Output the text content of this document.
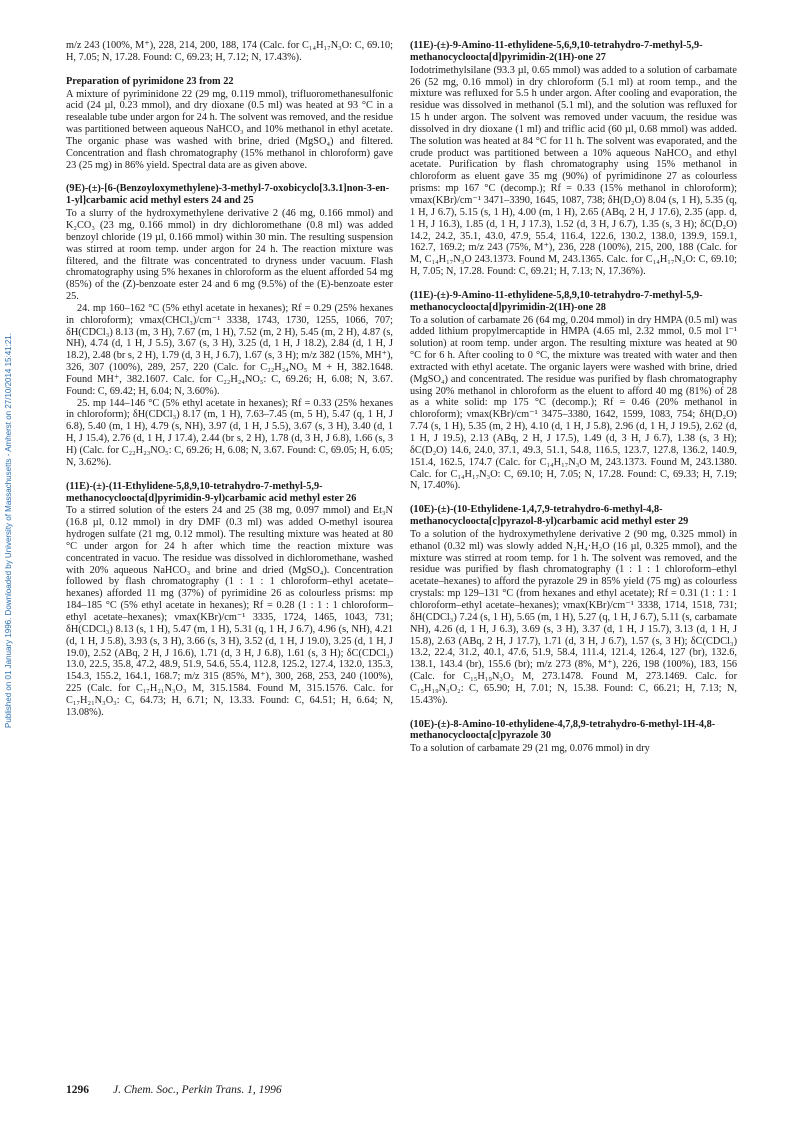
Published on 01 January 1996. Downloaded by University of Massachusetts - Amherst on 27/10/2014 15:41:21.

m/z 243 (100%, M⁺), 228, 214, 200, 188, 174 (Calc. for C₁₄H₁₇N₃O: C, 69.10; H, 7.05; N, 17.28. Found: C, 69.23; H, 7.12; N, 17.43%).

Preparation of pyrimidone 23 from 22

A mixture of pyriminidone 22 (29 mg, 0.119 mmol), trifluoromethanesulfonic acid (24 µl, 0.23 mmol), and dry dioxane (0.5 ml) was heated at 93 °C in a resealable tube under argon for 24 h. The solvent was removed, and the residue was partitioned between aqueous NaHCO₃ and 10% methanol in ethyl acetate. The organic phase was washed with brine, dried (MgSO₄) and filtered. Concentration and flash chromatography (15% methanol in chloroform) gave 23 (25 mg) in 86% yield. Spectral data are as given above.

(9E)-(±)-[6-(Benzoyloxymethylene)-3-methyl-7-oxobicyclo[3.3.1]non-3-en-1-yl]carbamic acid methyl esters 24 and 25

To a slurry of the hydroxymethylene derivative 2 (46 mg, 0.166 mmol) and K₂CO₃ (23 mg, 0.166 mmol) in dry dichloromethane (0.8 ml) was added benzoyl chloride (19 µl, 0.166 mmol) within 30 min. The resulting suspension was stirred at room temp. under argon for 24 h. The reaction mixture was filtered, and the filtrate was concentrated to dryness under vacuum. Flash chromatography using 5% hexanes in chloroform as the eluent afforded 54 mg (85%) of the (Z)-benzoate ester 24 and 6 mg (9.5%) of the (E)-benzoate ester 25.

24. mp 160–162 °C (5% ethyl acetate in hexanes); Rf = 0.29 (25% hexanes in chloroform); νmax(CHCl₃)/cm⁻¹ 3338, 1743, 1730, 1255, 1066, 707; δH(CDCl₃) 8.13 (m, 3 H), 7.67 (m, 1 H), 7.52 (m, 2 H), 5.45 (m, 2 H), 4.87 (s, NH), 4.74 (d, 1 H, J 5.5), 3.67 (s, 3 H), 3.25 (d, 1 H, J 18.2), 2.84 (d, 1 H, J 18.2), 2.48 (br s, 2 H), 1.79 (d, 3 H, J 6.7), 1.67 (s, 3 H); m/z 382 (15%, MH⁺), 326, 307 (100%), 289, 257, 220 (Calc. for C₂₂H₂₄NO₅ M + H, 382.1648. Found MH⁺, 382.1607. Calc. for C₂₂H₂₄NO₅: C, 69.26; H, 6.08; N, 3.67. Found: C, 69.42; H, 6.04; N, 3.60%).

25. mp 144–146 °C (5% ethyl acetate in hexanes); Rf = 0.33 (25% hexanes in chloroform); δH(CDCl₃) 8.17 (m, 1 H), 7.63–7.45 (m, 5 H), 5.47 (q, 1 H, J 6.8), 5.40 (m, 1 H), 4.79 (s, NH), 3.97 (d, 1 H, J 5.5), 3.67 (s, 3 H), 3.40 (d, 1 H, J 15.4), 2.76 (d, 1 H, J 17.4), 2.44 (br s, 2 H), 1.78 (d, 3 H, J 6.8), 1.66 (s, 3 H) (Calc. for C₂₂H₂₃NO₅: C, 69.26; H, 6.08; N, 3.67. Found: C, 69.05; H, 6.05; N, 3.62%).

(11E)-(±)-(11-Ethylidene-5,8,9,10-tetrahydro-7-methyl-5,9-methanocycloocta[d]pyrimidin-9-yl)carbamic acid methyl ester 26

To a stirred solution of the esters 24 and 25 (38 mg, 0.097 mmol) and Et₃N (16.8 µl, 0.12 mmol) in dry DMF (0.3 ml) was added O-methyl isourea hydrogen sulfate (21 mg, 0.12 mmol). The resulting mixture was heated at 80 °C under argon for 24 h after which time the reaction mixture was concentrated in vacuo. The residue was dissolved in dichloromethane, washed with 20% aqueous NaHCO₃ and brine and dried (MgSO₄). Concentration followed by flash chromatography (1 : 1 : 1 chloroform–ethyl acetate–hexanes) afforded 11 mg (37%) of pyrimidine 26 as colourless prisms: mp 184–185 °C (5% ethyl acetate in hexanes); Rf = 0.28 (1 : 1 : 1 chloroform–ethyl acetate–hexanes); νmax(KBr)/cm⁻¹ 3335, 1724, 1465, 1043, 731; δH(CDCl₃) 8.13 (s, 1 H), 5.47 (m, 1 H), 5.31 (q, 1 H, J 6.7), 4.96 (s, NH), 4.21 (d, 1 H, J 5.8), 3.93 (s, 3 H), 3.66 (s, 3 H), 3.52 (d, 1 H, J 19.0), 3.25 (d, 1 H, J 19.0), 2.52 (ABq, 2 H, J 16.6), 1.71 (d, 3 H, J 6.8), 1.61 (s, 3 H); δC(CDCl₃) 13.0, 22.5, 35.8, 47.2, 48.9, 51.9, 54.6, 55.4, 112.8, 125.2, 127.4, 132.0, 135.3, 154.3, 155.2, 164.1, 168.7; m/z 315 (85%, M⁺), 300, 268, 253, 240 (100%), 225 (Calc. for C₁₇H₂₁N₃O₃ M, 315.1584. Found M, 315.1576. Calc. for C₁₇H₂₁N₃O₃: C, 64.73; H, 6.71; N, 13.33. Found: C, 64.51; H, 6.64; N, 13.08%).

(11E)-(±)-9-Amino-11-ethylidene-5,6,9,10-tetrahydro-7-methyl-5,9-methanocycloocta[d]pyrimidin-2(1H)-one 27

Iodotrimethylsilane (93.3 µl, 0.65 mmol) was added to a solution of carbamate 26 (52 mg, 0.16 mmol) in dry chloroform (5.1 ml) at room temp., and the mixture was refluxed for 5.5 h under argon. After cooling and evaporation, the residue was dissolved in methanol (5.1 ml), and the solution was refluxed for 15 h under argon. The solvent was removed under vacuum, the residue was dissolved in dry dioxane (1 ml) and triflic acid (60 µl, 0.68 mmol) was added. The solution was heated at 84 °C for 11 h. The solvent was evaporated, and the crude product was partitioned between a 10% aqueous NaHCO₃ and ethyl acetate. Purification by flash chromatography using 15% methanol in chloroform as eluent gave 35 mg (90%) of pyrimidinone 27 as colourless prisms: mp 167 °C (decomp.); Rf = 0.33 (15% methanol in chloroform); νmax(KBr)/cm⁻¹ 3471–3390, 1645, 1087, 738; δH(D₂O) 8.04 (s, 1 H), 5.35 (q, 1 H, J 6.7), 5.15 (s, 1 H), 4.00 (m, 1 H), 2.65 (ABq, 2 H, J 17.6), 2.35 (app. d, 1 H, J 16.3), 1.85 (d, 1 H, J 17.3), 1.52 (d, 3 H, J 6.7), 1.35 (s, 3 H); δC(D₂O) 14.2, 24.2, 35.1, 43.0, 47.9, 55.4, 116.4, 122.6, 130.2, 138.0, 139.9, 159.1, 162.7, 169.2; m/z 243 (75%, M⁺), 236, 228 (100%), 215, 200, 188 (Calc. for M, C₁₄H₁₇N₃O 243.1373. Found M, 243.1365. Calc. for C₁₄H₁₇N₃O: C, 69.10; H, 7.05; N, 17.28. Found: C, 69.21; H, 7.13; N, 17.36%).

(11E)-(±)-9-Amino-11-ethylidene-5,8,9,10-tetrahydro-7-methyl-5,9- methanocycloocta[d]pyrimidin-2(1H)-one 28

To a solution of carbamate 26 (64 mg, 0.204 mmol) in dry HMPA (0.5 ml) was added lithium propylmercaptide in HMPA (4.65 ml, 2.32 mmol, 0.5 mol l⁻¹ solution) at room temp. under argon. The resulting mixture was heated at 90 °C for 6 h. After cooling to 0 °C, the mixture was treated with water and then extracted with ethyl acetate. The organic layers were washed with brine, dried (MgSO₄) and concentrated. The residue was purified by flash chromatography using 20% methanol in chloroform as the eluent to afford 40 mg (81%) of 28 as a white solid: mp 175 °C (decomp.); Rf = 0.46 (20% methanol in chloroform); νmax(KBr)/cm⁻¹ 3475–3380, 1642, 1599, 1083, 754; δH(D₂O) 7.74 (s, 1 H), 5.35 (m, 2 H), 4.10 (d, 1 H, J 5.8), 2.96 (d, 1 H, J 19.5), 2.62 (d, 1 H, J 19.5), 2.13 (ABq, 2 H, J 17.5), 1.49 (d, 3 H, J 6.7), 1.38 (s, 3 H); δC(D₂O) 14.6, 24.0, 37.1, 49.3, 51.1, 54.8, 116.5, 123.7, 127.8, 136.2, 140.9, 151.4, 162.5, 174.7 (Calc. for C₁₄H₁₇N₃O M, 243.1373. Found M, 243.1380. Calc. for C₁₄H₁₇N₃O: C, 69.10; H, 7.05; N, 17.28. Found: C, 69.33; H, 7.19; N, 17.40%).

(10E)-(±)-(10-Ethylidene-1,4,7,9-tetrahydro-6-methyl-4,8-methanocycloocta[c]pyrazol-8-yl)carbamic acid methyl ester 29

To a solution of the hydroxymethylene derivative 2 (90 mg, 0.325 mmol) in ethanol (0.32 ml) was slowly added N₂H₄·H₂O (16 µl, 0.325 mmol), and the mixture was stirred at room temp. for 1 h. The solvent was removed, and the residue was purified by flash chromatography (1 : 1 : 1 chloroform–ethyl acetate–hexanes) to afford the pyrazole 29 in 85% yield (75 mg) as colourless crystals: mp 129–131 °C (from hexanes and ethyl acetate); Rf = 0.31 (1 : 1 : 1 chloroform–ethyl acetate–hexanes); νmax(KBr)/cm⁻¹ 3338, 1714, 1518, 731; δH(CDCl₃) 7.24 (s, 1 H), 5.65 (m, 1 H), 5.27 (q, 1 H, J 6.7), 5.11 (s, carbamate NH), 4.26 (d, 1 H, J 6.3), 3.69 (s, 3 H), 3.37 (d, 1 H, J 15.7), 3.13 (d, 1 H, J 15.8), 2.63 (ABq, 2 H, J 17.7), 1.71 (d, 3 H, J 6.7), 1.57 (s, 3 H); δC(CDCl₃) 13.2, 22.4, 31.2, 40.1, 47.6, 51.9, 58.4, 111.4, 121.4, 126.4, 127 (br), 132.6, 138.1, 143.4 (br), 155.6 (br); m/z 273 (8%, M⁺), 226, 198 (100%), 183, 156 (Calc. for C₁₅H₁₉N₃O₂ M, 273.1478. Found M, 273.1469. Calc. for C₁₅H₁₉N₃O₂: C, 65.90; H, 7.01; N, 15.38. Found: C, 66.21; H, 7.13; N, 15.43%).

(10E)-(±)-8-Amino-10-ethylidene-4,7,8,9-tetrahydro-6-methyl-1H-4,8-methanocycloocta[c]pyrazole 30

To a solution of carbamate 29 (21 mg, 0.076 mmol) in dry

1296 J. Chem. Soc., Perkin Trans. 1, 1996
